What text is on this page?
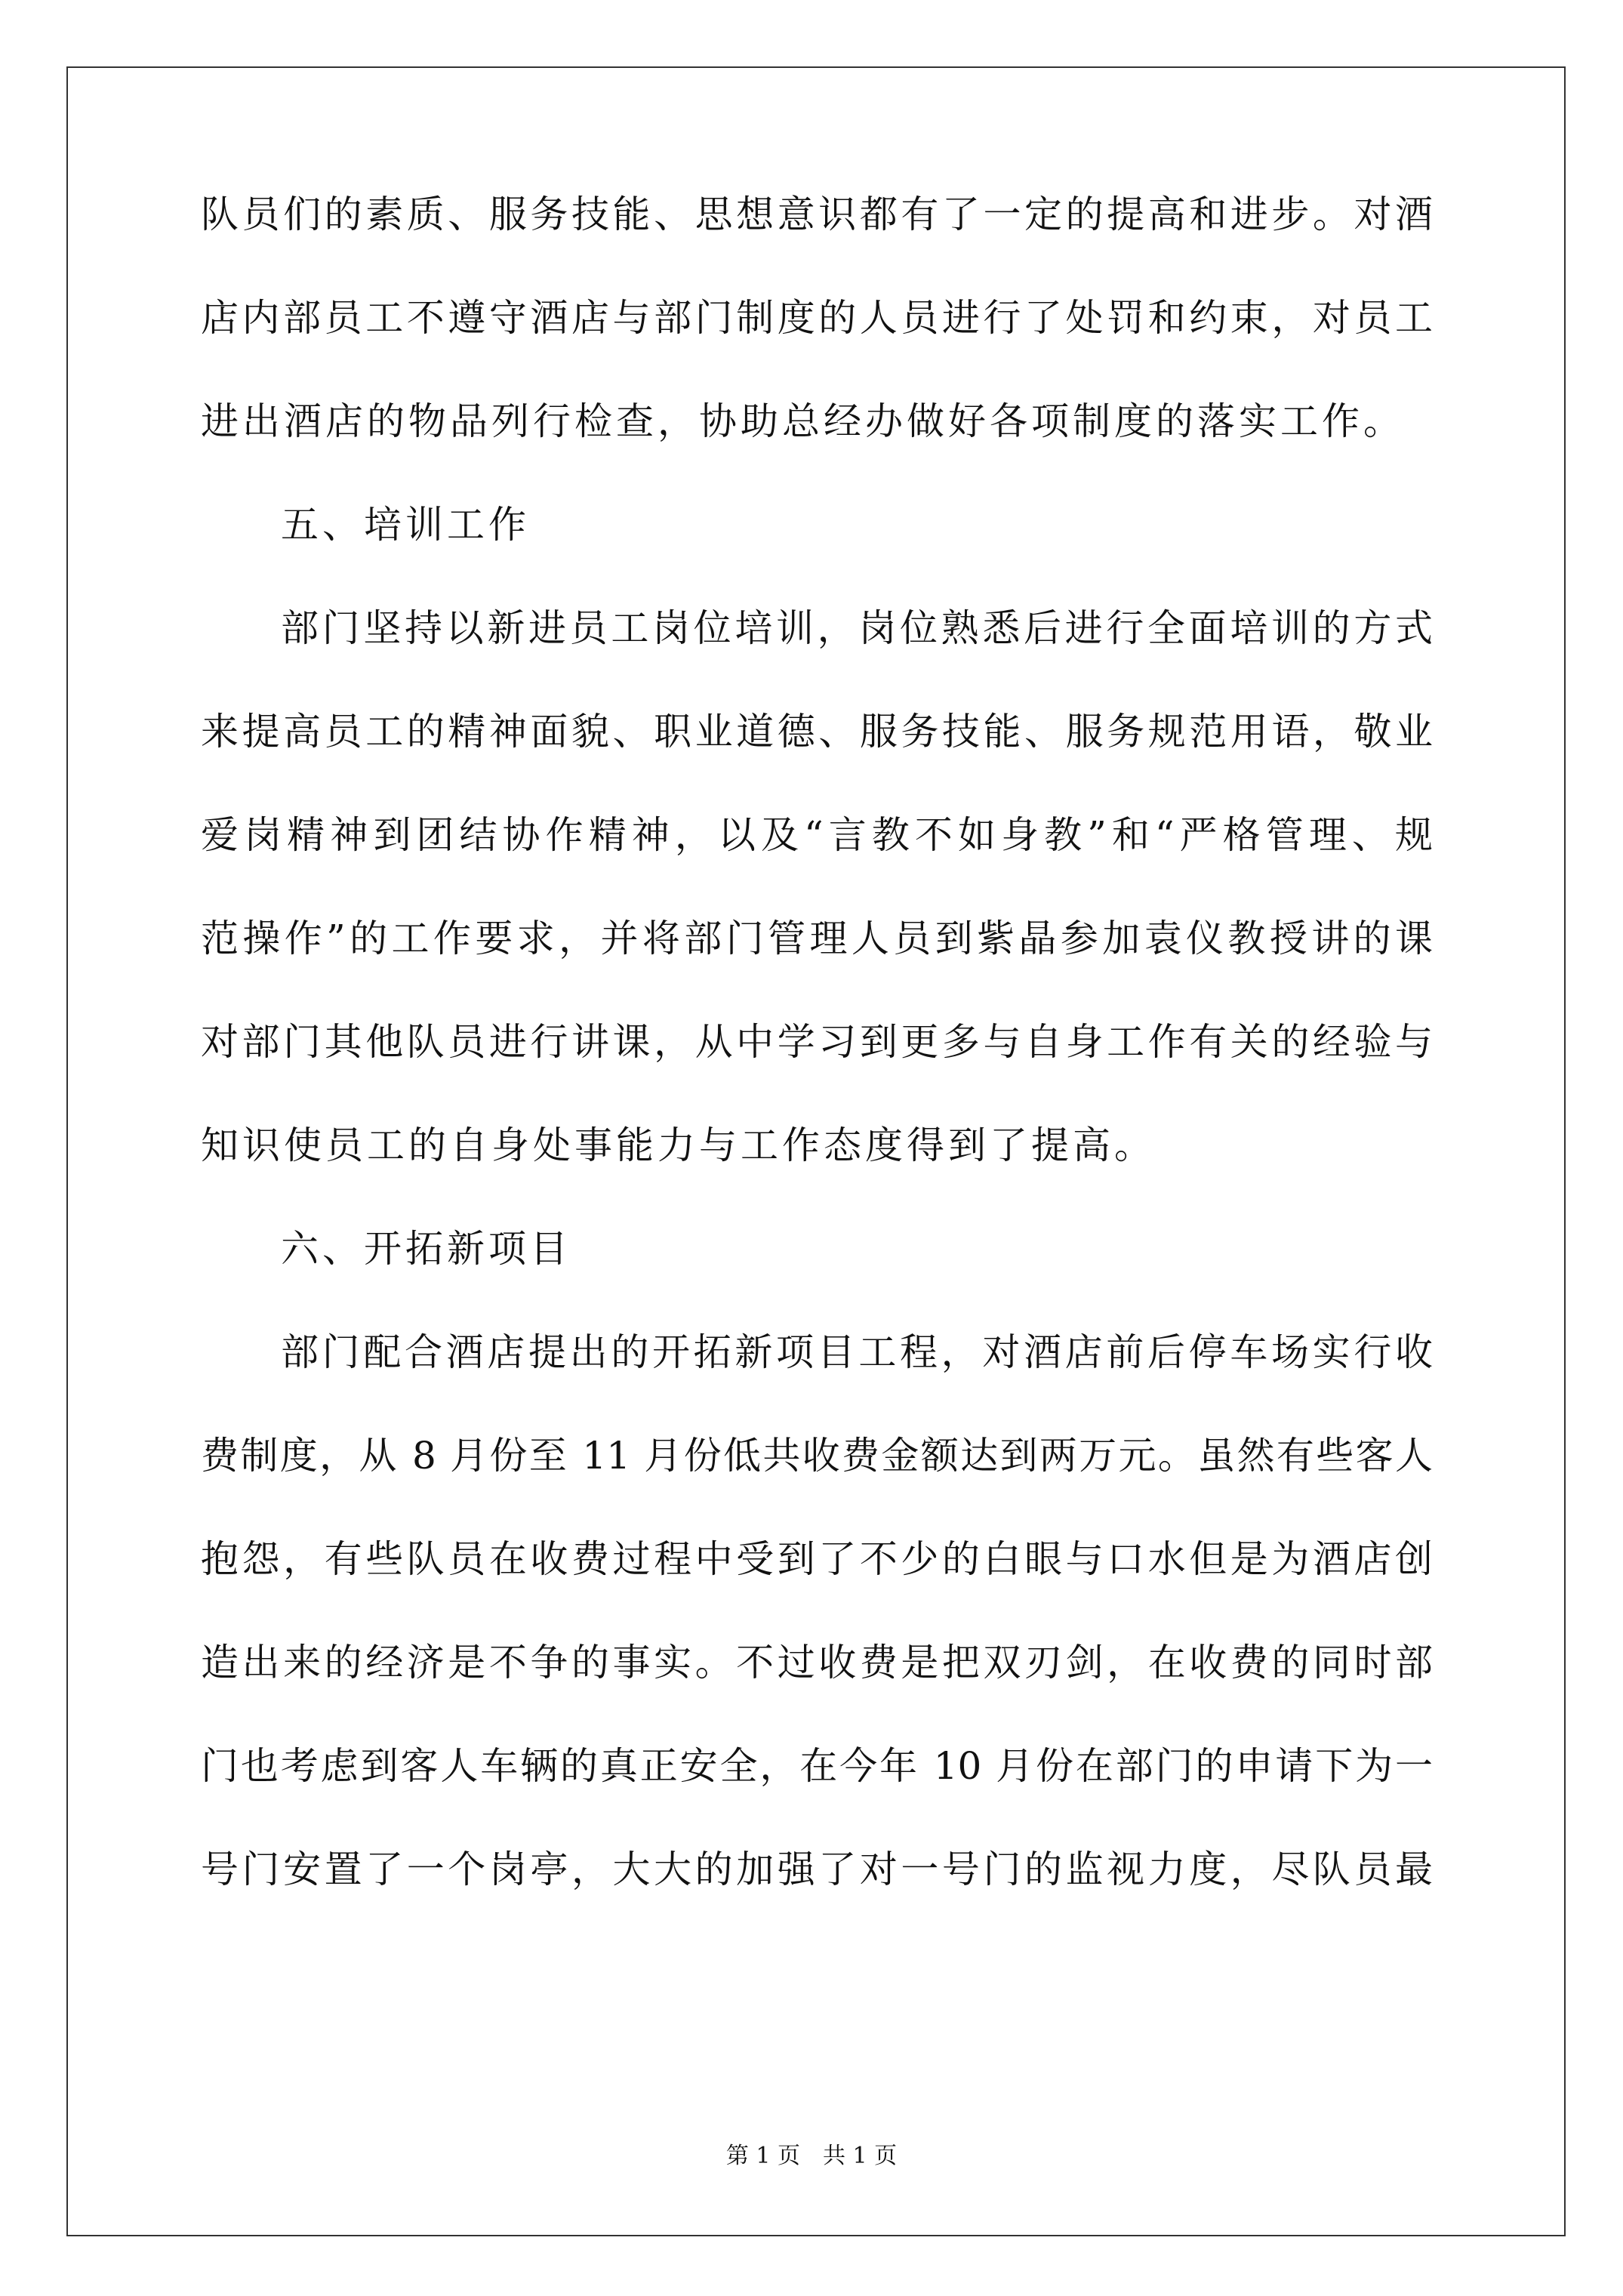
队员们的素质、服务技能、思想意识都有了一定的提高和进步。对酒
店内部员工不遵守酒店与部门制度的人员进行了处罚和约束，对员工
进出酒店的物品列行检查，协助总经办做好各项制度的落实工作。
五、培训工作
部门坚持以新进员工岗位培训，岗位熟悉后进行全面培训的方式
来提高员工的精神面貌、职业道德、服务技能、服务规范用语，敬业
爱岗精神到团结协作精神，以及“言教不如身教”和“严格管理、规
范操作”的工作要求，并将部门管理人员到紫晶参加袁仪教授讲的课
对部门其他队员进行讲课，从中学习到更多与自身工作有关的经验与
知识使员工的自身处事能力与工作态度得到了提高。
六、开拓新项目
部门配合酒店提出的开拓新项目工程，对酒店前后停车场实行收
费制度，从 8 月份至 11 月份低共收费金额达到两万元。虽然有些客人
抱怨，有些队员在收费过程中受到了不少的白眼与口水但是为酒店创
造出来的经济是不争的事实。不过收费是把双刃剑，在收费的同时部
门也考虑到客人车辆的真正安全，在今年 10 月份在部门的申请下为一
号门安置了一个岗亭，大大的加强了对一号门的监视力度，尽队员最
第 1 页 共 1 页
